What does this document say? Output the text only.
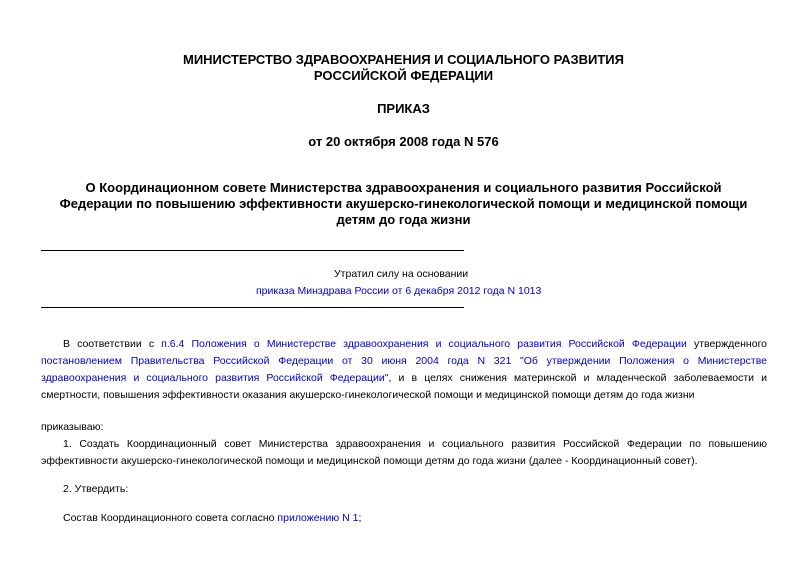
МИНИСТЕРСТВО ЗДРАВООХРАНЕНИЯ И СОЦИАЛЬНОГО РАЗВИТИЯ
РОССИЙСКОЙ ФЕДЕРАЦИИ
ПРИКАЗ
от 20 октября 2008 года N 576
О Координационном совете Министерства здравоохранения и социального развития Российской
Федерации по повышению эффективности акушерско-гинекологической помощи и медицинской помощи
детям до года жизни
Утратил силу на основании
приказа Минздрава России от 6 декабря 2012 года N 1013

В соответствии с п.6.4 Положения о Министерстве здравоохранения и социального развития Российской Федерации утвержденного постановлением Правительства Российской Федерации от 30 июня 2004 года N 321 "Об утверждении Положения о Министерстве здравоохранения и социального развития Российской Федерации", и в целях снижения материнской и младенческой заболеваемости и смертности, повышения эффективности оказания акушерско-гинекологической помощи и медицинской помощи детям до года жизни

приказываю:

1. Создать Координационный совет Министерства здравоохранения и социального развития Российской Федерации по повышению эффективности акушерско-гинекологической помощи и медицинской помощи детям до года жизни (далее - Координационный совет).

2. Утвердить:

Состав Координационного совета согласно приложению N 1;
